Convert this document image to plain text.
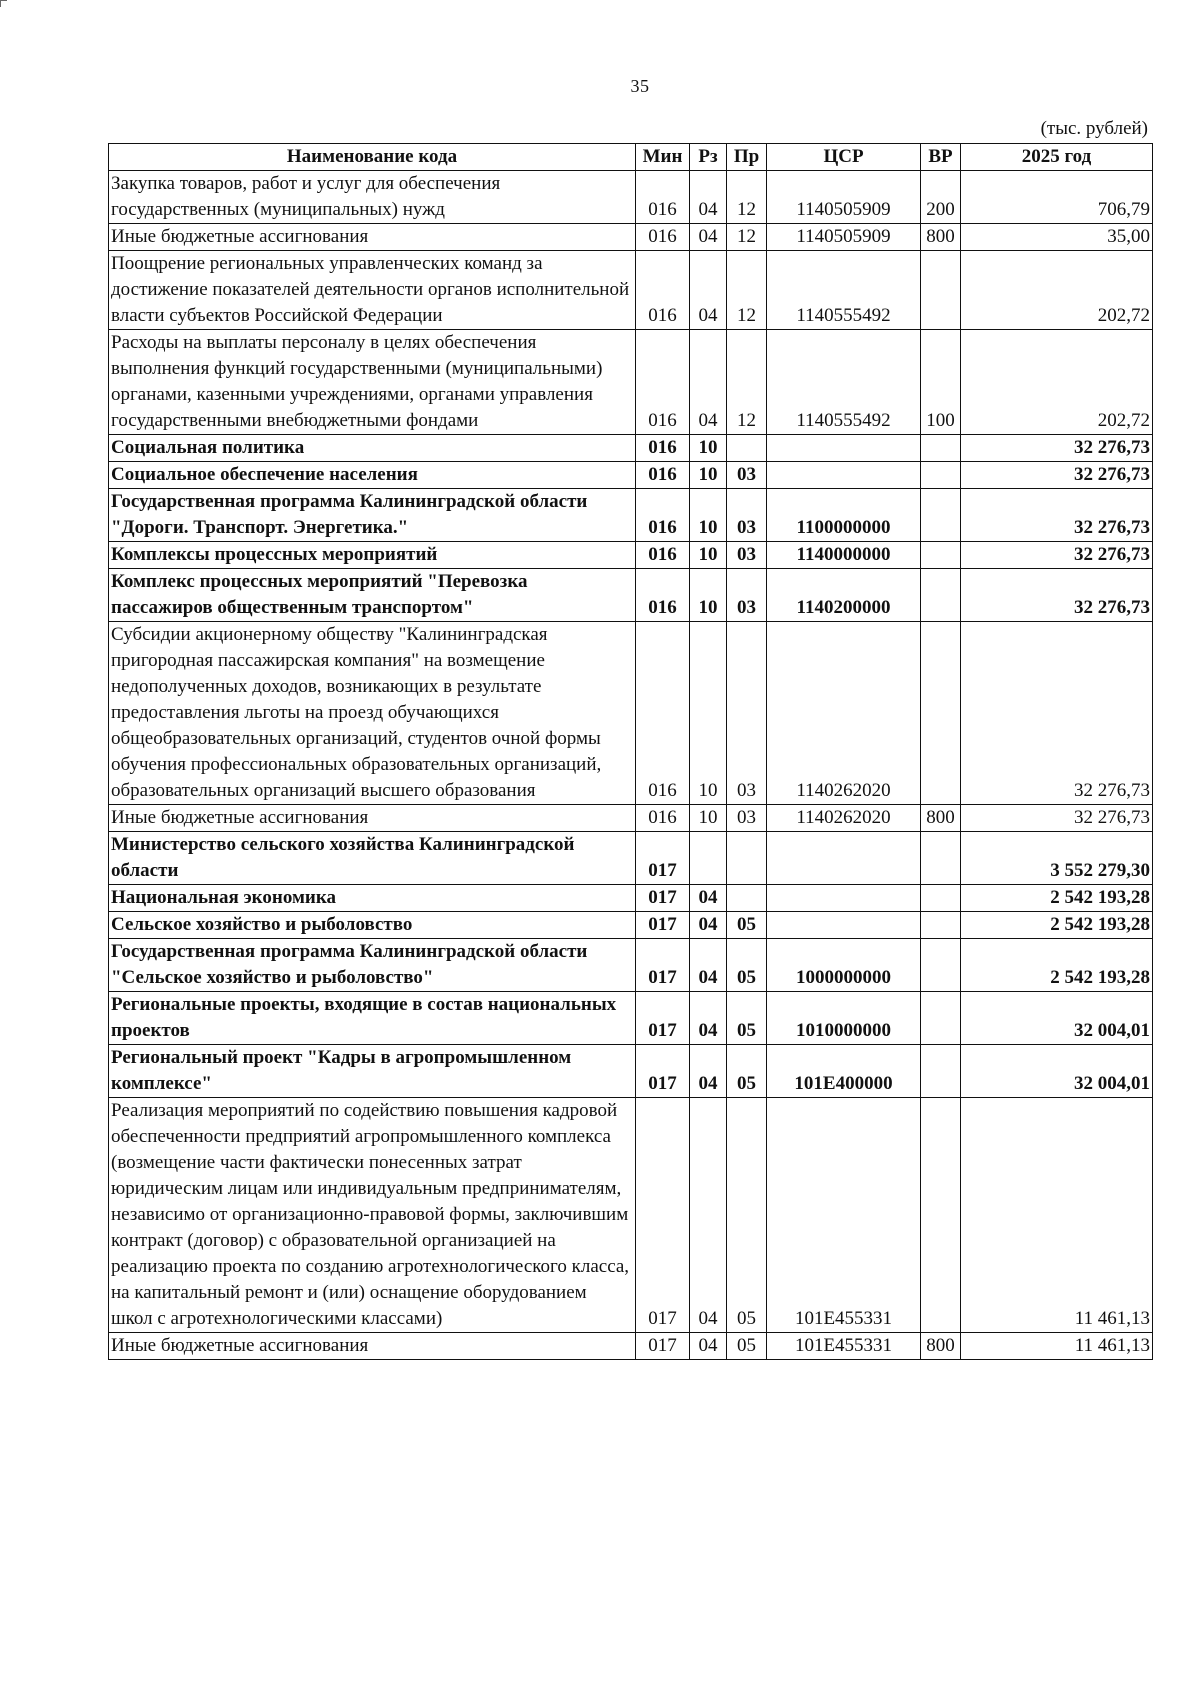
35
(тыс. рублей)
Наименование кода	Мин	Рз	Пр	ЦСР	ВР	2025 год
Закупка товаров, работ и услуг для обеспечения государственных (муниципальных) нужд	016	04	12	1140505909	200	706,79
Иные бюджетные ассигнования	016	04	12	1140505909	800	35,00
Поощрение региональных управленческих команд за достижение показателей деятельности органов исполнительной власти субъектов Российской Федерации	016	04	12	1140555492		202,72
Расходы на выплаты персоналу в целях обеспечения выполнения функций государственными (муниципальными) органами, казенными учреждениями, органами управления государственными внебюджетными фондами	016	04	12	1140555492	100	202,72
Социальная политика	016	10				32 276,73
Социальное обеспечение населения	016	10	03			32 276,73
Государственная программа Калининградской области "Дороги. Транспорт. Энергетика."	016	10	03	1100000000		32 276,73
Комплексы процессных мероприятий	016	10	03	1140000000		32 276,73
Комплекс процессных мероприятий "Перевозка пассажиров общественным транспортом"	016	10	03	1140200000		32 276,73
Субсидии акционерному обществу "Калининградская пригородная пассажирская компания" на возмещение недополученных доходов, возникающих в результате предоставления льготы на проезд обучающихся общеобразовательных организаций, студентов очной формы обучения профессиональных образовательных организаций, образовательных организаций высшего образования	016	10	03	1140262020		32 276,73
Иные бюджетные ассигнования	016	10	03	1140262020	800	32 276,73
Министерство сельского хозяйства Калининградской области	017					3 552 279,30
Национальная экономика	017	04				2 542 193,28
Сельское хозяйство и рыболовство	017	04	05			2 542 193,28
Государственная программа Калининградской области "Сельское хозяйство и рыболовство"	017	04	05	1000000000		2 542 193,28
Региональные проекты, входящие в состав национальных проектов	017	04	05	1010000000		32 004,01
Региональный проект "Кадры в агропромышленном комплексе"	017	04	05	101Е400000		32 004,01
Реализация мероприятий по содействию повышения кадровой обеспеченности предприятий агропромышленного комплекса (возмещение части фактически понесенных затрат юридическим лицам или индивидуальным предпринимателям, независимо от организационно-правовой формы, заключившим контракт (договор) с образовательной организацией на реализацию проекта по созданию агротехнологического класса, на капитальный ремонт и (или) оснащение оборудованием школ с агротехнологическими классами)	017	04	05	101Е455331		11 461,13
Иные бюджетные ассигнования	017	04	05	101Е455331	800	11 461,13
